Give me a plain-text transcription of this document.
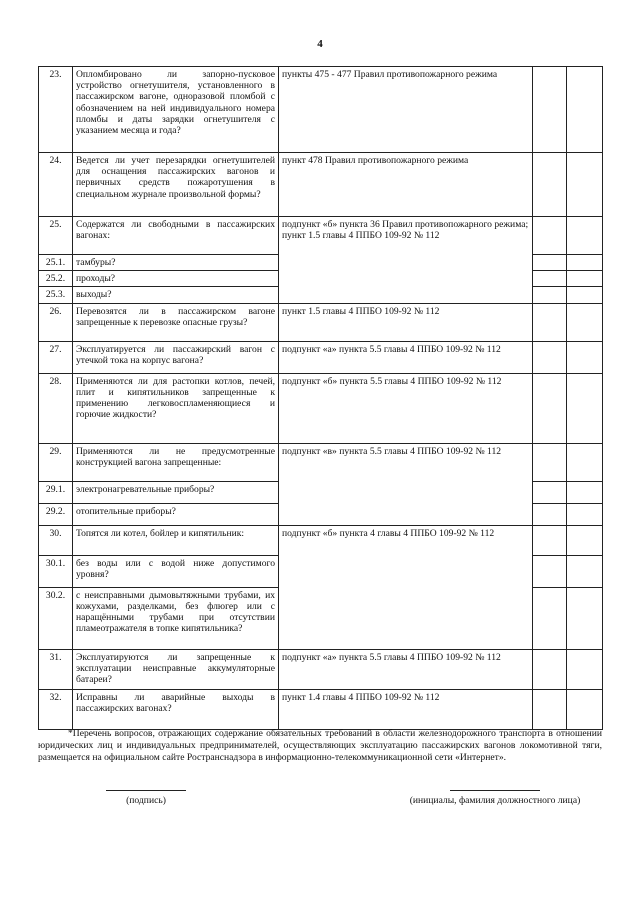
4
23.	Опломбировано ли запорно-пусковое устройство огнетушителя, установленного в пассажирском вагоне, одноразовой пломбой с обозначением на ней индивидуального номера пломбы и даты зарядки огнетушителя с указанием месяца и года?	пункты 475 - 477 Правил противопожарного режима		
24.	Ведется ли учет перезарядки огнетушителей для оснащения пассажирских вагонов и первичных средств пожаротушения в специальном журнале произвольной формы?	пункт 478 Правил противопожарного режима		
25.	Содержатся ли свободными в пассажирских вагонах:	подпункт «б» пункта 36 Правил противопожарного режима; пункт 1.5 главы 4 ППБО 109-92 № 112		
25.1.	тамбуры?			
25.2.	проходы?			
25.3.	выходы?			
26.	Перевозятся ли в пассажирском вагоне запрещенные к перевозке опасные грузы?	пункт 1.5 главы 4 ППБО 109-92 № 112		
27.	Эксплуатируется ли пассажирский вагон с утечкой тока на корпус вагона?	подпункт «а» пункта 5.5 главы 4 ППБО 109-92 № 112		
28.	Применяются ли для растопки котлов, печей, плит и кипятильников запрещенные к применению легковоспламеняющиеся и горючие жидкости?	подпункт «б» пункта 5.5 главы 4 ППБО 109-92 № 112		
29.	Применяются ли не предусмотренные конструкцией вагона запрещенные:	подпункт «в» пункта 5.5 главы 4 ППБО 109-92 № 112		
29.1.	электронагревательные приборы?			
29.2.	отопительные приборы?			
30.	Топятся ли котел, бойлер и кипятильник:	подпункт «б» пункта 4 главы 4 ППБО 109-92 № 112		
30.1.	без воды или с водой ниже допустимого уровня?			
30.2.	с неисправными дымовытяжными трубами, их кожухами, разделками, без флюгер или с наращёнными трубами при отсутствии пламеотражателя в топке кипятильника?			
31.	Эксплуатируются ли запрещенные к эксплуатации неисправные аккумуляторные батареи?	подпункт «а» пункта 5.5 главы 4 ППБО 109-92 № 112		
32.	Исправны ли аварийные выходы в пассажирских вагонах?	пункт 1.4 главы 4 ППБО 109-92 № 112		
*Перечень вопросов, отражающих содержание обязательных требований в области железнодорожного транспорта в отношении юридических лиц и индивидуальных предпринимателей, осуществляющих эксплуатацию пассажирских вагонов локомотивной тяги, размещается на официальном сайте Ространснадзора в информационно-телекоммуникационной сети «Интернет».
(подпись)	(инициалы, фамилия должностного лица)
